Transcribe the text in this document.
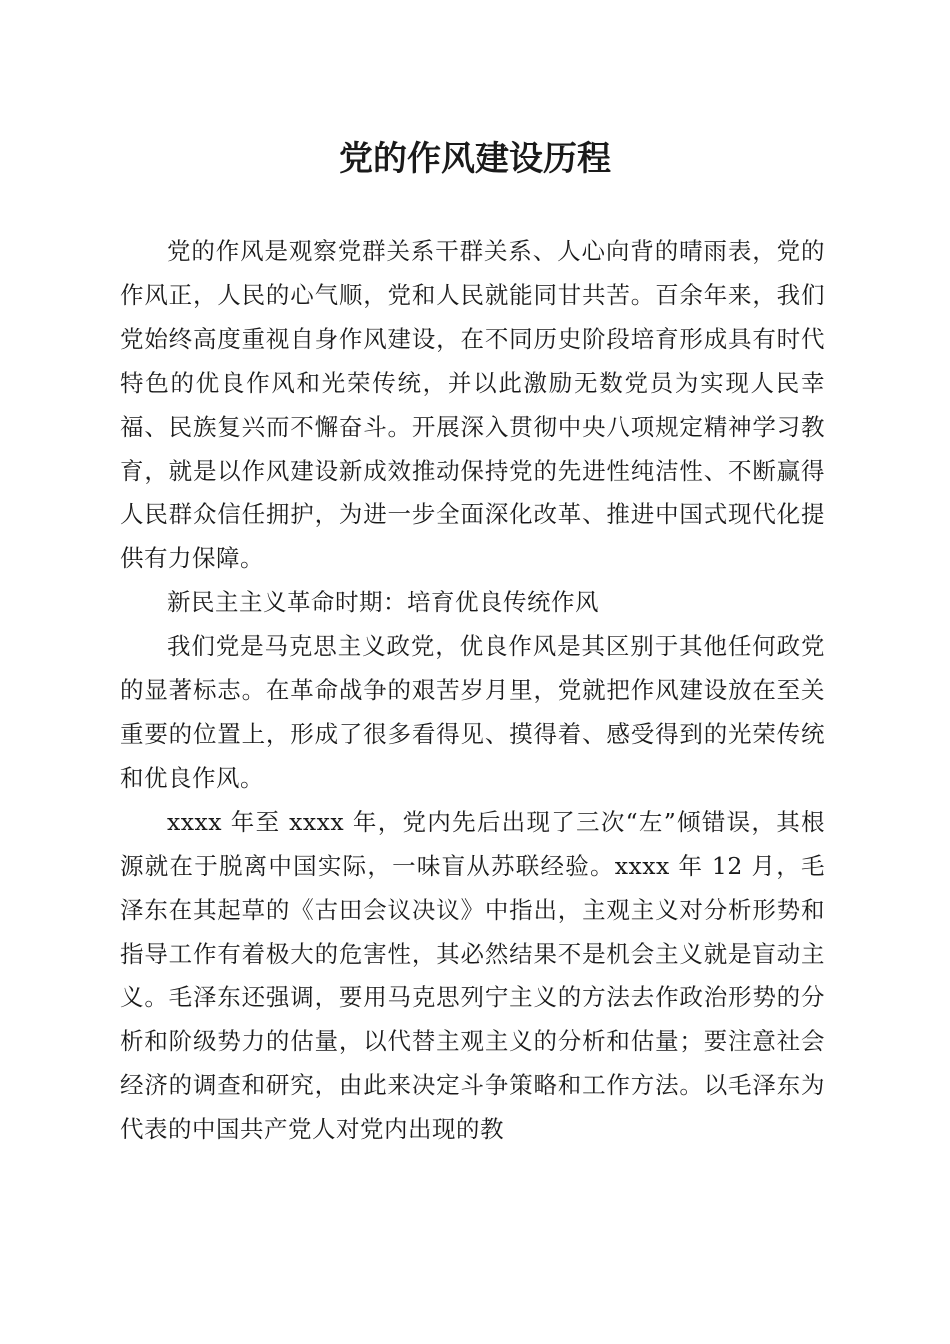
党的作风建设历程

党的作风是观察党群关系干群关系、人心向背的晴雨表，党的作风正，人民的心气顺，党和人民就能同甘共苦。百余年来，我们党始终高度重视自身作风建设，在不同历史阶段培育形成具有时代特色的优良作风和光荣传统，并以此激励无数党员为实现人民幸福、民族复兴而不懈奋斗。开展深入贯彻中央八项规定精神学习教育，就是以作风建设新成效推动保持党的先进性纯洁性、不断赢得人民群众信任拥护，为进一步全面深化改革、推进中国式现代化提供有力保障。

新民主主义革命时期：培育优良传统作风

我们党是马克思主义政党，优良作风是其区别于其他任何政党的显著标志。在革命战争的艰苦岁月里，党就把作风建设放在至关重要的位置上，形成了很多看得见、摸得着、感受得到的光荣传统和优良作风。

xxxx 年至 xxxx 年，党内先后出现了三次“左”倾错误，其根源就在于脱离中国实际，一味盲从苏联经验。xxxx 年 12 月，毛泽东在其起草的《古田会议决议》中指出，主观主义对分析形势和指导工作有着极大的危害性，其必然结果不是机会主义就是盲动主义。毛泽东还强调，要用马克思列宁主义的方法去作政治形势的分析和阶级势力的估量，以代替主观主义的分析和估量；要注意社会经济的调查和研究，由此来决定斗争策略和工作方法。以毛泽东为代表的中国共产党人对党内出现的教
